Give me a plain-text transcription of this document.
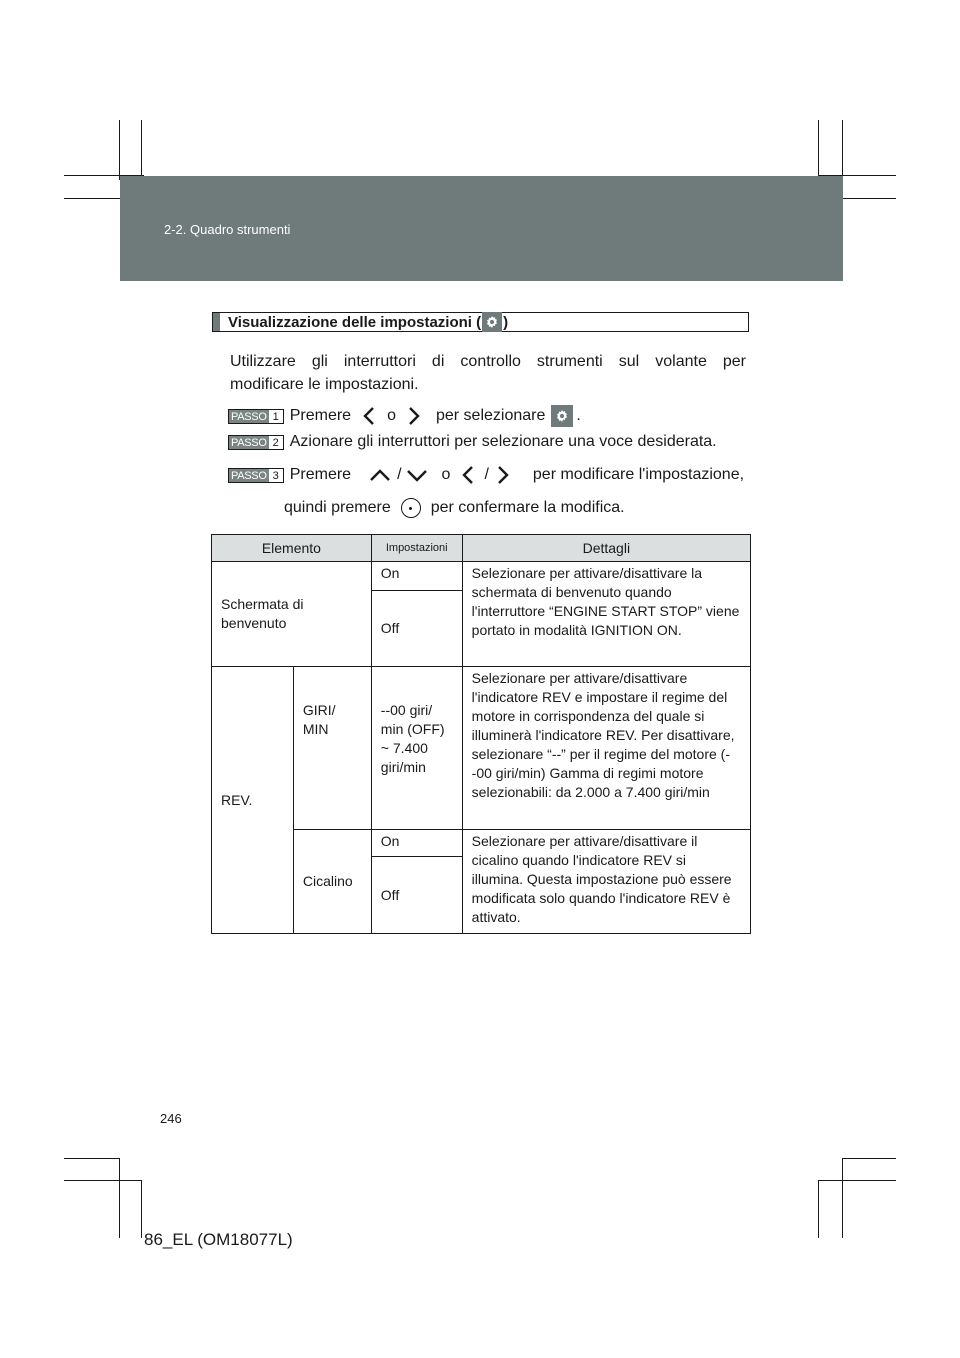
2-2. Quadro strumenti
Visualizzazione delle impostazioni ( )
Utilizzare gli interruttori di controllo strumenti sul volante per
modificare le impostazioni.
PASSO 1 Premere o	per selezionare .
PASSO 2 Azionare gli interruttori per selezionare una voce desiderata.
PASSO 3 Premere	/	o /	per modificare l'impostazione,
quindi premere	per confermare la modifica.
Elemento		Impostazioni	Dettagli

Schermata di benvenuto		On	Selezionare per attivare/disattivare la schermata di benvenuto quando l'interruttore “ENGINE START STOP” viene portato in modalità IGNITION ON.

		Off	

REV.	GIRI/ MIN	--00 giri/ min (OFF) ~ 7.400 giri/min	Selezionare per attivare/disattivare l'indicatore REV e impostare il regime del motore in corrispondenza del quale si illuminerà l'indicatore REV. Per disattivare, selezionare “--” per il regime del motore (--00 giri/min) Gamma di regimi motore selezionabili: da 2.000 a 7.400 giri/min

	Cicalino	On	Selezionare per attivare/disattivare il cicalino quando l'indicatore REV si illumina. Questa impostazione può essere modificata solo quando l'indicatore REV è attivato.

		Off	
246
86_EL (OM18077L)
